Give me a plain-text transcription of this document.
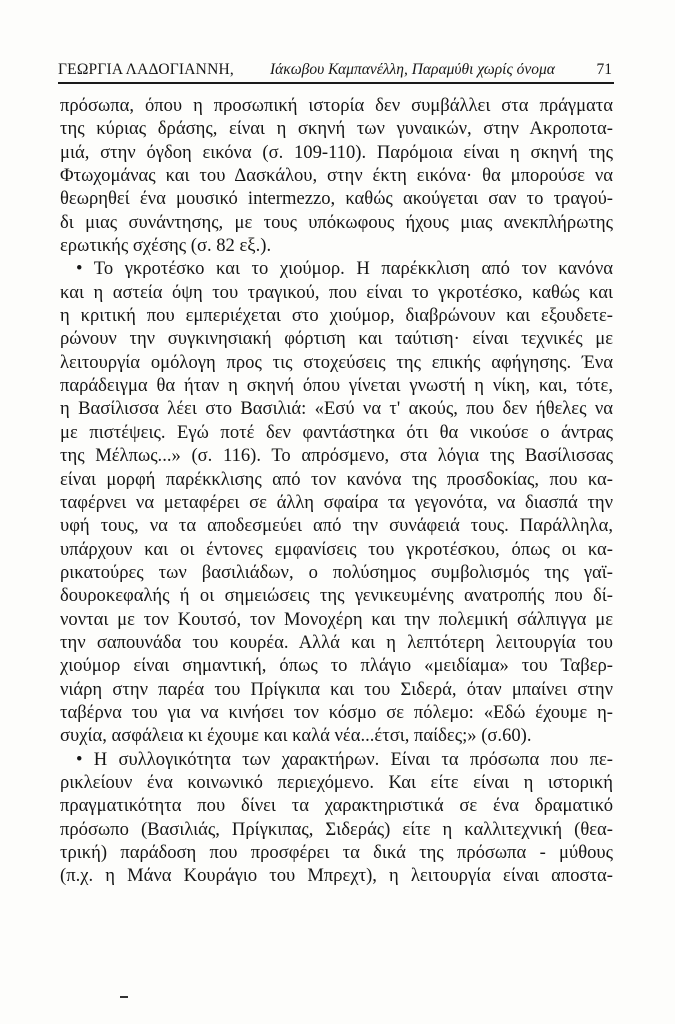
ΓΕΩΡΓΙΑ ΛΑΔΟΓΙΑΝΝΗ, Ιάκωβου Καμπανέλλη, Παραμύθι χωρίς όνομα	71
πρόσωπα, όπου η προσωπική ιστορία δεν συμβάλλει στα πράγματα
της κύριας δράσης, είναι η σκηνή των γυναικών, στην Ακροποτα-
μιά, στην όγδοη εικόνα (σ. 109-110). Παρόμοια είναι η σκηνή της
Φτωχομάνας και του Δασκάλου, στην έκτη εικόνα· θα μπορούσε να
θεωρηθεί ένα μουσικό intermezzo, καθώς ακούγεται σαν το τραγού-
δι μιας συνάντησης, με τους υπόκωφους ήχους μιας ανεκπλήρωτης
ερωτικής σχέσης (σ. 82 εξ.).
• Το γκροτέσκο και το χιούμορ. Η παρέκκλιση από τον κανόνα
και η αστεία όψη του τραγικού, που είναι το γκροτέσκο, καθώς και
η κριτική που εμπεριέχεται στο χιούμορ, διαβρώνουν και εξουδετε-
ρώνουν την συγκινησιακή φόρτιση και ταύτιση· είναι τεχνικές με
λειτουργία ομόλογη προς τις στοχεύσεις της επικής αφήγησης. Ένα
παράδειγμα θα ήταν η σκηνή όπου γίνεται γνωστή η νίκη, και, τότε,
η Βασίλισσα λέει στο Βασιλιά: «Εσύ να τ' ακούς, που δεν ήθελες να
με πιστέψεις. Εγώ ποτέ δεν φαντάστηκα ότι θα νικούσε ο άντρας
της Μέλπως...» (σ. 116). Το απρόσμενο, στα λόγια της Βασίλισσας
είναι μορφή παρέκκλισης από τον κανόνα της προσδοκίας, που κα-
ταφέρνει να μεταφέρει σε άλλη σφαίρα τα γεγονότα, να διασπά την
υφή τους, να τα αποδεσμεύει από την συνάφειά τους. Παράλληλα,
υπάρχουν και οι έντονες εμφανίσεις του γκροτέσκου, όπως οι κα-
ρικατούρες των βασιλιάδων, ο πολύσημος συμβολισμός της γαϊ-
δουροκεφαλής ή οι σημειώσεις της γενικευμένης ανατροπής που δί-
νονται με τον Κουτσό, τον Μονοχέρη και την πολεμική σάλπιγγα με
την σαπουνάδα του κουρέα. Αλλά και η λεπτότερη λειτουργία του
χιούμορ είναι σημαντική, όπως το πλάγιο «μειδίαμα» του Ταβερ-
νιάρη στην παρέα του Πρίγκιπα και του Σιδερά, όταν μπαίνει στην
ταβέρνα του για να κινήσει τον κόσμο σε πόλεμο: «Εδώ έχουμε η-
συχία, ασφάλεια κι έχουμε και καλά νέα...έτσι, παίδες;» (σ.60).
• Η συλλογικότητα των χαρακτήρων. Είναι τα πρόσωπα που πε-
ρικλείουν ένα κοινωνικό περιεχόμενο. Και είτε είναι η ιστορική
πραγματικότητα που δίνει τα χαρακτηριστικά σε ένα δραματικό
πρόσωπο (Βασιλιάς, Πρίγκιπας, Σιδεράς) είτε η καλλιτεχνική (θεα-
τρική) παράδοση που προσφέρει τα δικά της πρόσωπα - μύθους
(π.χ. η Μάνα Κουράγιο του Μπρεχτ), η λειτουργία είναι αποστα-
